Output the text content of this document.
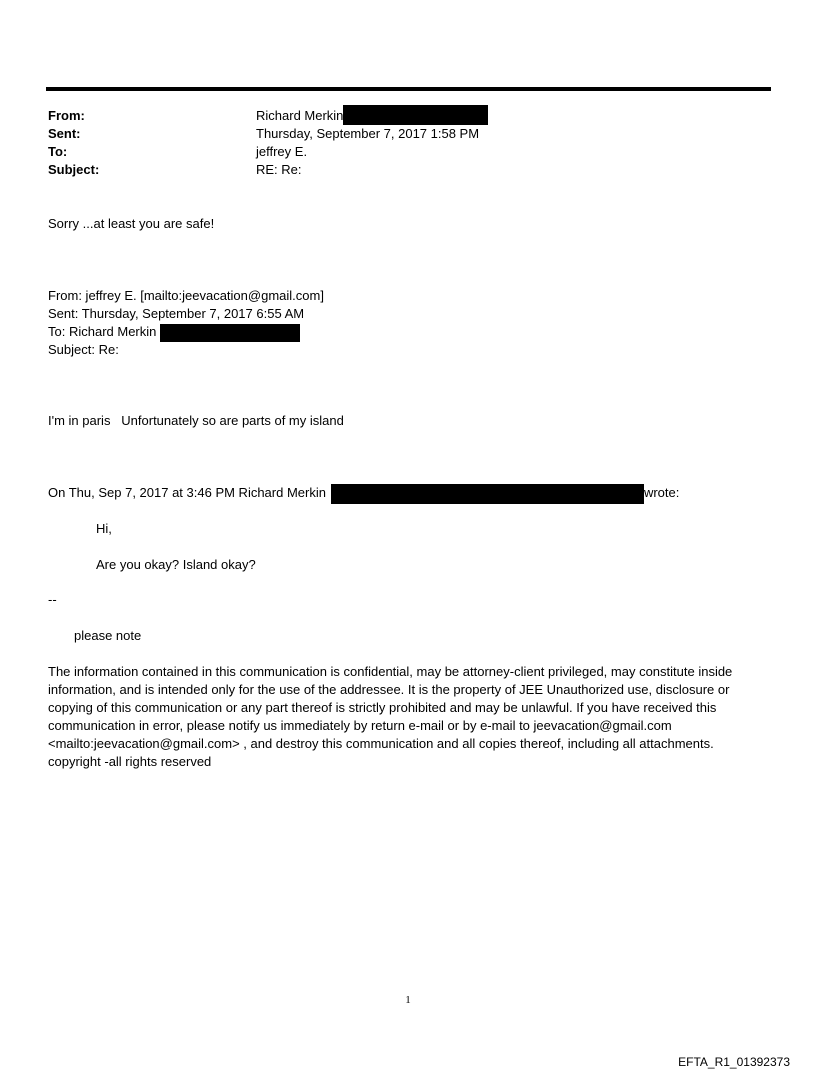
From:	Richard Merkin
Sent:	Thursday, September 7, 2017 1:58 PM
To:	jeffrey E.
Subject:	RE: Re:
Sorry ...at least you are safe!
From: jeffrey E. [mailto:jeevacation@gmail.com]
Sent: Thursday, September 7, 2017 6:55 AM
To: Richard Merkin
Subject: Re:
I'm in paris   Unfortunately so are parts of my island
On Thu, Sep 7, 2017 at 3:46 PM Richard Merkin	wrote:
Hi,
Are you okay? Island okay?
--
please note
The information contained in this communication is confidential, may be attorney-client privileged, may constitute inside information, and is intended only for the use of the addressee. It is the property of JEE Unauthorized use, disclosure or copying of this communication or any part thereof is strictly prohibited and may be unlawful. If you have received this communication in error, please notify us immediately by return e-mail or by e-mail to jeevacation@gmail.com <mailto:jeevacation@gmail.com> , and destroy this communication and all copies thereof, including all attachments. copyright -all rights reserved
1
EFTA_R1_01392373
